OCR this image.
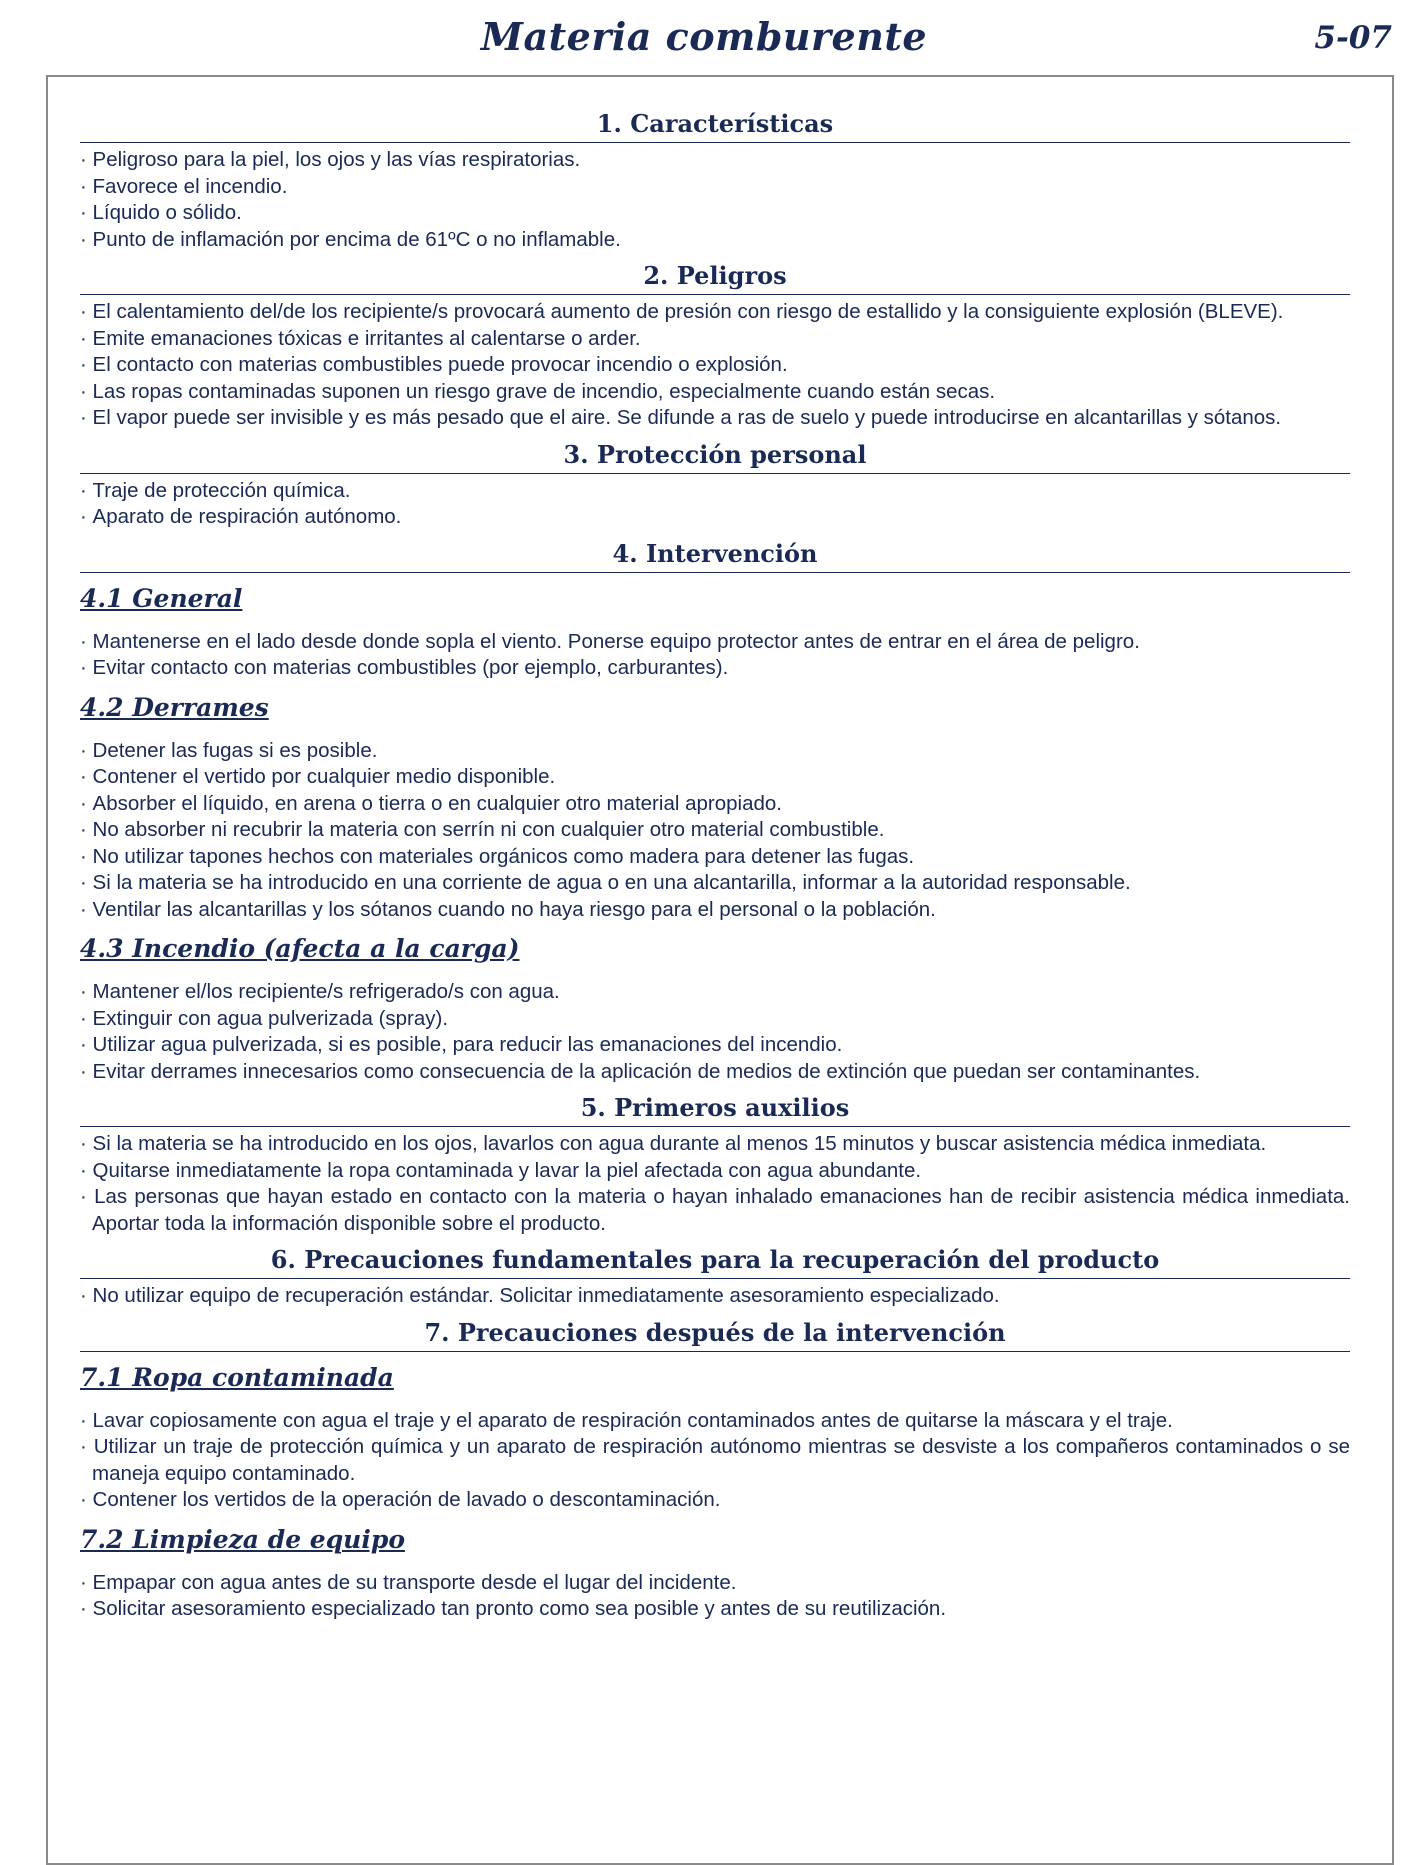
Materia comburente	5-07
1. Características
· Peligroso para la piel, los ojos y las vías respiratorias.
· Favorece el incendio.
· Líquido o sólido.
· Punto de inflamación por encima de 61ºC o no inflamable.
2. Peligros
· El calentamiento del/de los recipiente/s provocará aumento de presión con riesgo de estallido y la consiguiente explosión (BLEVE).
· Emite emanaciones tóxicas e irritantes al calentarse o arder.
· El contacto con materias combustibles puede provocar incendio o explosión.
· Las ropas contaminadas suponen un riesgo grave de incendio, especialmente cuando están secas.
· El vapor puede ser invisible y es más pesado que el aire. Se difunde a ras de suelo y puede introducirse en alcantarillas y sótanos.
3. Protección personal
· Traje de protección química.
· Aparato de respiración autónomo.
4. Intervención
4.1 General
· Mantenerse en el lado desde donde sopla el viento. Ponerse equipo protector antes de entrar en el área de peligro.
· Evitar contacto con materias combustibles (por ejemplo, carburantes).
4.2 Derrames
· Detener las fugas si es posible.
· Contener el vertido por cualquier medio disponible.
· Absorber el líquido, en arena o tierra o en cualquier otro material apropiado.
· No absorber ni recubrir la materia con serrín ni con cualquier otro material combustible.
· No utilizar tapones hechos con materiales orgánicos como madera para detener las fugas.
· Si la materia se ha introducido en una corriente de agua o en una alcantarilla, informar a la autoridad responsable.
· Ventilar las alcantarillas y los sótanos cuando no haya riesgo para el personal o la población.
4.3 Incendio (afecta a la carga)
· Mantener el/los recipiente/s refrigerado/s con agua.
· Extinguir con agua pulverizada (spray).
· Utilizar agua pulverizada, si es posible, para reducir las emanaciones del incendio.
· Evitar derrames innecesarios como consecuencia de la aplicación de medios de extinción que puedan ser contaminantes.
5. Primeros auxilios
· Si la materia se ha introducido en los ojos, lavarlos con agua durante al menos 15 minutos y buscar asistencia médica inmediata.
· Quitarse inmediatamente la ropa contaminada y lavar la piel afectada con agua abundante.
· Las personas que hayan estado en contacto con la materia o hayan inhalado emanaciones han de recibir asistencia médica inmediata. Aportar toda la información disponible sobre el producto.
6. Precauciones fundamentales para la recuperación del producto
· No utilizar equipo de recuperación estándar. Solicitar inmediatamente asesoramiento especializado.
7. Precauciones después de la intervención
7.1 Ropa contaminada
· Lavar copiosamente con agua el traje y el aparato de respiración contaminados antes de quitarse la máscara y el traje.
· Utilizar un traje de protección química y un aparato de respiración autónomo mientras se desviste a los compañeros contaminados o se maneja equipo contaminado.
· Contener los vertidos de la operación de lavado o descontaminación.
7.2 Limpieza de equipo
· Empapar con agua antes de su transporte desde el lugar del incidente.
· Solicitar asesoramiento especializado tan pronto como sea posible y antes de su reutilización.
